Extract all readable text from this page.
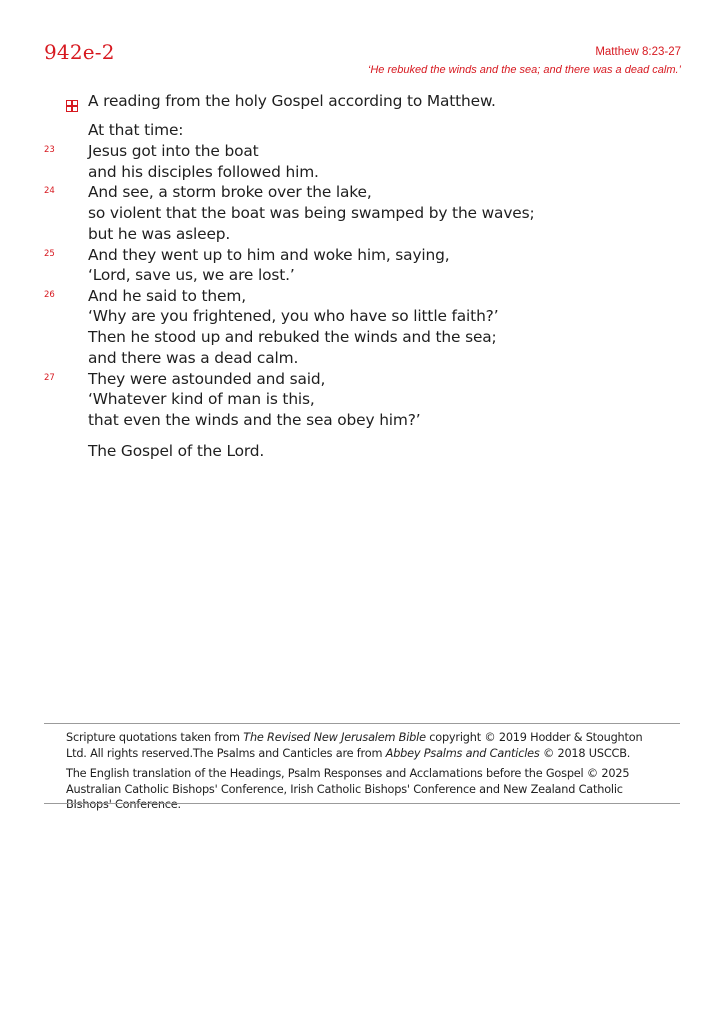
942e-2	Matthew 8:23-27
‘He rebuked the winds and the sea; and there was a dead calm.’
A reading from the holy Gospel according to Matthew.
At that time:
23 Jesus got into the boat
and his disciples followed him.
24 And see, a storm broke over the lake,
so violent that the boat was being swamped by the waves;
but he was asleep.
25 And they went up to him and woke him, saying,
‘Lord, save us, we are lost.’
26 And he said to them,
‘Why are you frightened, you who have so little faith?’
Then he stood up and rebuked the winds and the sea;
and there was a dead calm.
27 They were astounded and said,
‘Whatever kind of man is this,
that even the winds and the sea obey him?’
The Gospel of the Lord.
Scripture quotations taken from The Revised New Jerusalem Bible copyright © 2019 Hodder & Stoughton Ltd. All rights reserved.The Psalms and Canticles are from Abbey Psalms and Canticles © 2018 USCCB.
The English translation of the Headings, Psalm Responses and Acclamations before the Gospel © 2025 Australian Catholic Bishops' Conference, Irish Catholic Bishops' Conference and New Zealand Catholic BIshops' Conference.
